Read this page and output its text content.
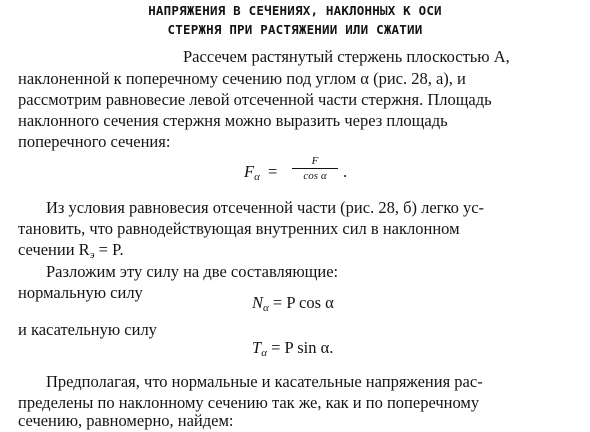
НАПРЯЖЕНИЯ В СЕЧЕНИЯХ, НАКЛОННЫХ К ОСИ
СТЕРЖНЯ ПРИ РАСТЯЖЕНИИ ИЛИ СЖАТИИ
Рассечем растянутый стержень плоскостью A,
наклоненной к поперечному сечению под углом α (рис. 28, а), и
рассмотрим равновесие левой отсеченной части стержня. Площадь
наклонного сечения стержня можно выразить через площадь
поперечного сечения:
$F_\alpha$ =
F
cos α .
Из условия равновесия отсеченной части (рис. 28, б) легко ус-
тановить, что равнодействующая внутренних сил в наклонном
сечении $R_э = P$.
Разложим эту силу на две составляющие:
нормальную силу
$N_\alpha = P$ cos α
и касательную силу
$T_\alpha = P$ sin α.
Предполагая, что нормальные и касательные напряжения рас-
пределены по наклонному сечению так же, как и по поперечному
сечению, равномерно, найдем:
